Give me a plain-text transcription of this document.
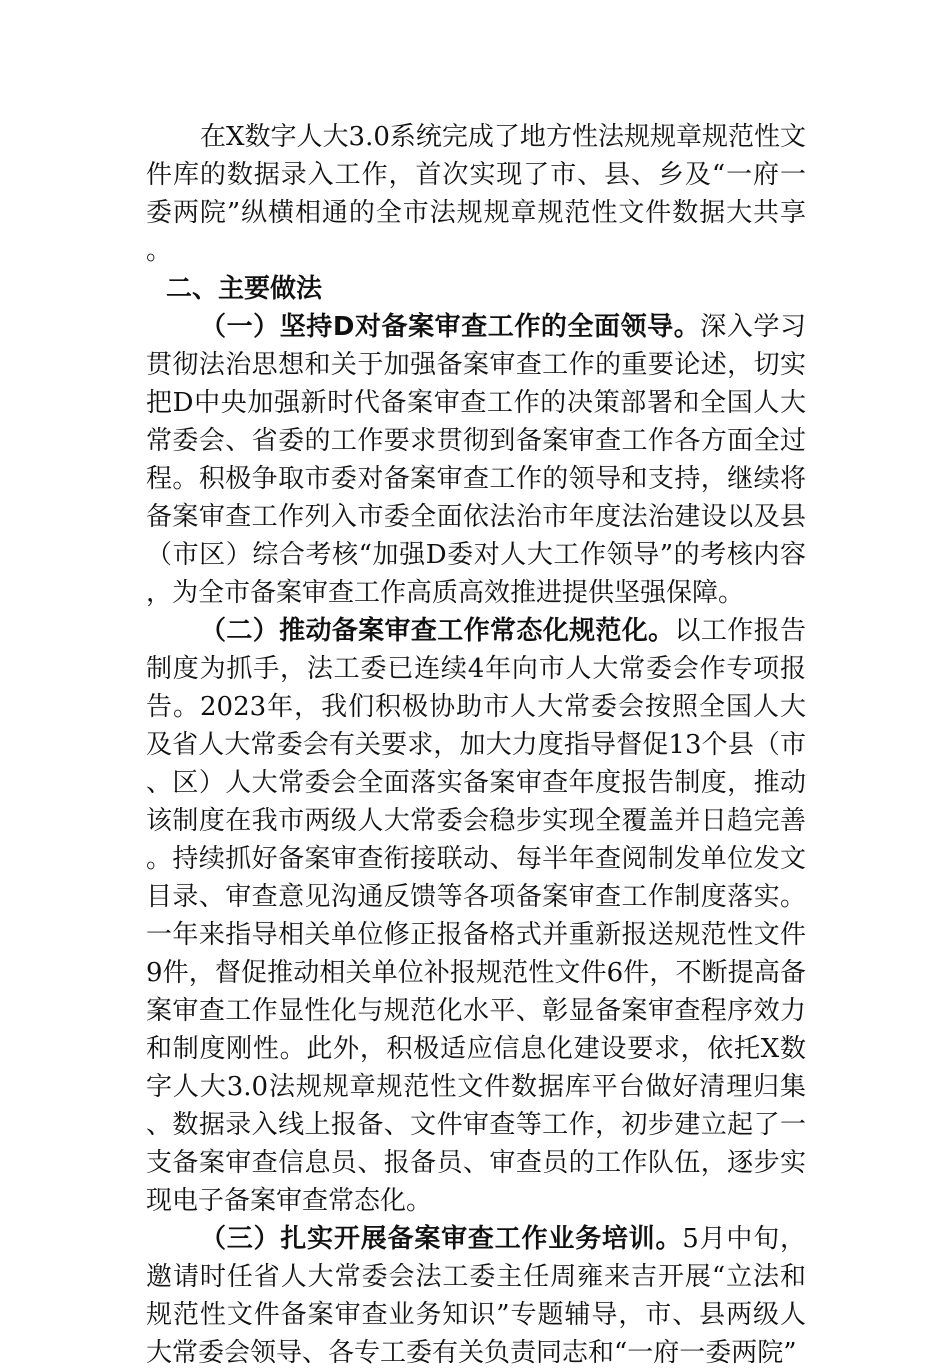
在X数字人大3.0系统完成了地方性法规规章规范性文件库的数据录入工作，首次实现了市、县、乡及“一府一委两院”纵横相通的全市法规规章规范性文件数据大共享。

二、主要做法

（一）坚持D对备案审查工作的全面领导。深入学习贯彻法治思想和关于加强备案审查工作的重要论述，切实把D中央加强新时代备案审查工作的决策部署和全国人大常委会、省委的工作要求贯彻到备案审查工作各方面全过程。积极争取市委对备案审查工作的领导和支持，继续将备案审查工作列入市委全面依法治市年度法治建设以及县（市区）综合考核“加强D委对人大工作领导”的考核内容，为全市备案审查工作高质高效推进提供坚强保障。

（二）推动备案审查工作常态化规范化。以工作报告制度为抓手，法工委已连续4年向市人大常委会作专项报告。2023年，我们积极协助市人大常委会按照全国人大及省人大常委会有关要求，加大力度指导督促13个县（市、区）人大常委会全面落实备案审查年度报告制度，推动该制度在我市两级人大常委会稳步实现全覆盖并日趋完善。持续抓好备案审查衔接联动、每半年查阅制发单位发文目录、审查意见沟通反馈等各项备案审查工作制度落实。一年来指导相关单位修正报备格式并重新报送规范性文件9件，督促推动相关单位补报规范性文件6件，不断提高备案审查工作显性化与规范化水平、彰显备案审查程序效力和制度刚性。此外，积极适应信息化建设要求，依托X数字人大3.0法规规章规范性文件数据库平台做好清理归集、数据录入线上报备、文件审查等工作，初步建立起了一支备案审查信息员、报备员、审查员的工作队伍，逐步实现电子备案审查常态化。

（三）扎实开展备案审查工作业务培训。5月中旬，邀请时任省人大常委会法工委主任周雍来吉开展“立法和规范性文件备案审查业务知识”专题辅导，市、县两级人大常委会领导、各专工委有关负责同志和“一府一委两院”
